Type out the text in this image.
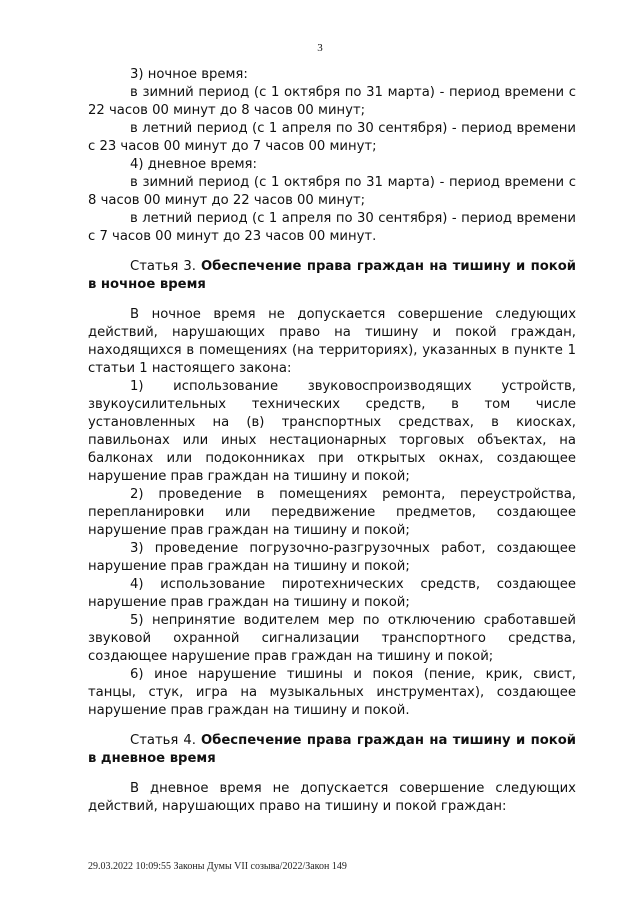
3

3) ночное время:

в зимний период (с 1 октября по 31 марта) - период времени с 22 часов 00 минут до 8 часов 00 минут;

в летний период (с 1 апреля по 30 сентября) - период времени с 23 часов 00 минут до 7 часов 00 минут;

4) дневное время:

в зимний период (с 1 октября по 31 марта) - период времени с 8 часов 00 минут до 22 часов 00 минут;

в летний период (с 1 апреля по 30 сентября) - период времени с 7 часов 00 минут до 23 часов 00 минут.

Статья 3. Обеспечение права граждан на тишину и покой в ночное время

В ночное время не допускается совершение следующих действий, нарушающих право на тишину и покой граждан, находящихся в помещениях (на территориях), указанных в пункте 1 статьи 1 настоящего закона:

1) использование звуковоспроизводящих устройств, звукоусилительных технических средств, в том числе установленных на (в) транспортных средствах, в киосках, павильонах или иных нестационарных торговых объектах, на балконах или подоконниках при открытых окнах, создающее нарушение прав граждан на тишину и покой;

2) проведение в помещениях ремонта, переустройства, перепланировки или передвижение предметов, создающее нарушение прав граждан на тишину и покой;

3) проведение погрузочно-разгрузочных работ, создающее нарушение прав граждан на тишину и покой;

4) использование пиротехнических средств, создающее нарушение прав граждан на тишину и покой;

5) непринятие водителем мер по отключению сработавшей звуковой охранной сигнализации транспортного средства, создающее нарушение прав граждан на тишину и покой;

6) иное нарушение тишины и покоя (пение, крик, свист, танцы, стук, игра на музыкальных инструментах), создающее нарушение прав граждан на тишину и покой.

Статья 4. Обеспечение права граждан на тишину и покой в дневное время

В дневное время не допускается совершение следующих действий, нарушающих право на тишину и покой граждан:

29.03.2022 10:09:55 Законы Думы VII созыва/2022/Закон 149
